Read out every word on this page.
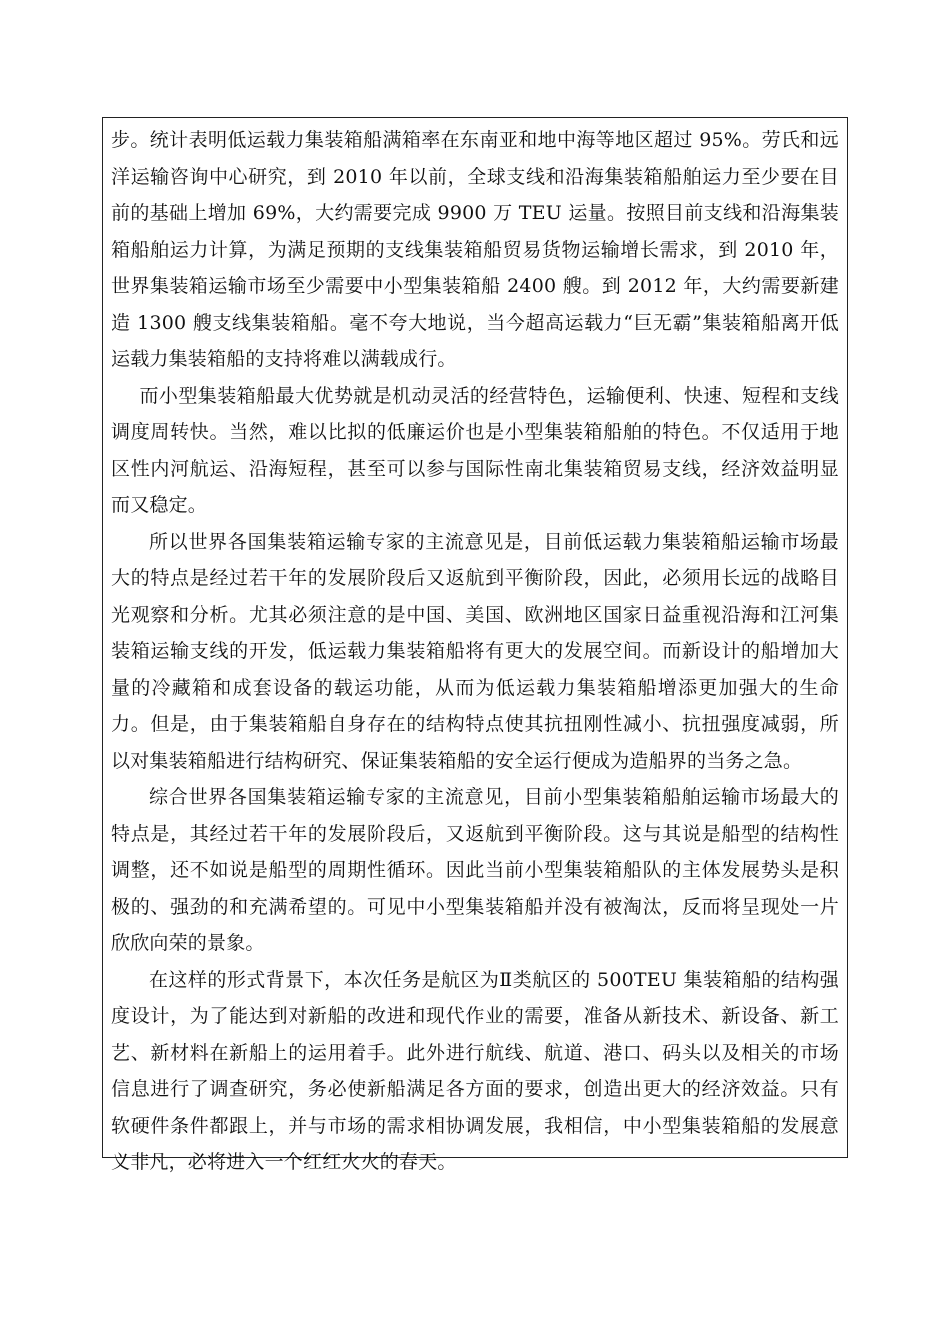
步。统计表明低运载力集装箱船满箱率在东南亚和地中海等地区超过 95%。劳氏和远洋运输咨询中心研究，到 2010 年以前，全球支线和沿海集装箱船舶运力至少要在目前的基础上增加 69%，大约需要完成 9900 万 TEU 运量。按照目前支线和沿海集装箱船舶运力计算，为满足预期的支线集装箱船贸易货物运输增长需求，到 2010 年，世界集装箱运输市场至少需要中小型集装箱船 2400 艘。到 2012 年，大约需要新建造 1300 艘支线集装箱船。毫不夸大地说，当今超高运载力“巨无霸”集装箱船离开低运载力集装箱船的支持将难以满载成行。

而小型集装箱船最大优势就是机动灵活的经营特色，运输便利、快速、短程和支线调度周转快。当然，难以比拟的低廉运价也是小型集装箱船舶的特色。不仅适用于地区性内河航运、沿海短程，甚至可以参与国际性南北集装箱贸易支线，经济效益明显而又稳定。

所以世界各国集装箱运输专家的主流意见是，目前低运载力集装箱船运输市场最大的特点是经过若干年的发展阶段后又返航到平衡阶段，因此，必须用长远的战略目光观察和分析。尤其必须注意的是中国、美国、欧洲地区国家日益重视沿海和江河集装箱运输支线的开发，低运载力集装箱船将有更大的发展空间。而新设计的船增加大量的冷藏箱和成套设备的载运功能，从而为低运载力集装箱船增添更加强大的生命力。但是，由于集装箱船自身存在的结构特点使其抗扭刚性减小、抗扭强度减弱，所以对集装箱船进行结构研究、保证集装箱船的安全运行便成为造船界的当务之急。

综合世界各国集装箱运输专家的主流意见，目前小型集装箱船舶运输市场最大的特点是，其经过若干年的发展阶段后，又返航到平衡阶段。这与其说是船型的结构性调整，还不如说是船型的周期性循环。因此当前小型集装箱船队的主体发展势头是积极的、强劲的和充满希望的。可见中小型集装箱船并没有被淘汰，反而将呈现处一片欣欣向荣的景象。

在这样的形式背景下，本次任务是航区为Ⅱ类航区的 500TEU 集装箱船的结构强度设计，为了能达到对新船的改进和现代作业的需要，准备从新技术、新设备、新工艺、新材料在新船上的运用着手。此外进行航线、航道、港口、码头以及相关的市场信息进行了调查研究，务必使新船满足各方面的要求，创造出更大的经济效益。只有软硬件条件都跟上，并与市场的需求相协调发展，我相信，中小型集装箱船的发展意义非凡，必将进入一个红红火火的春天。
